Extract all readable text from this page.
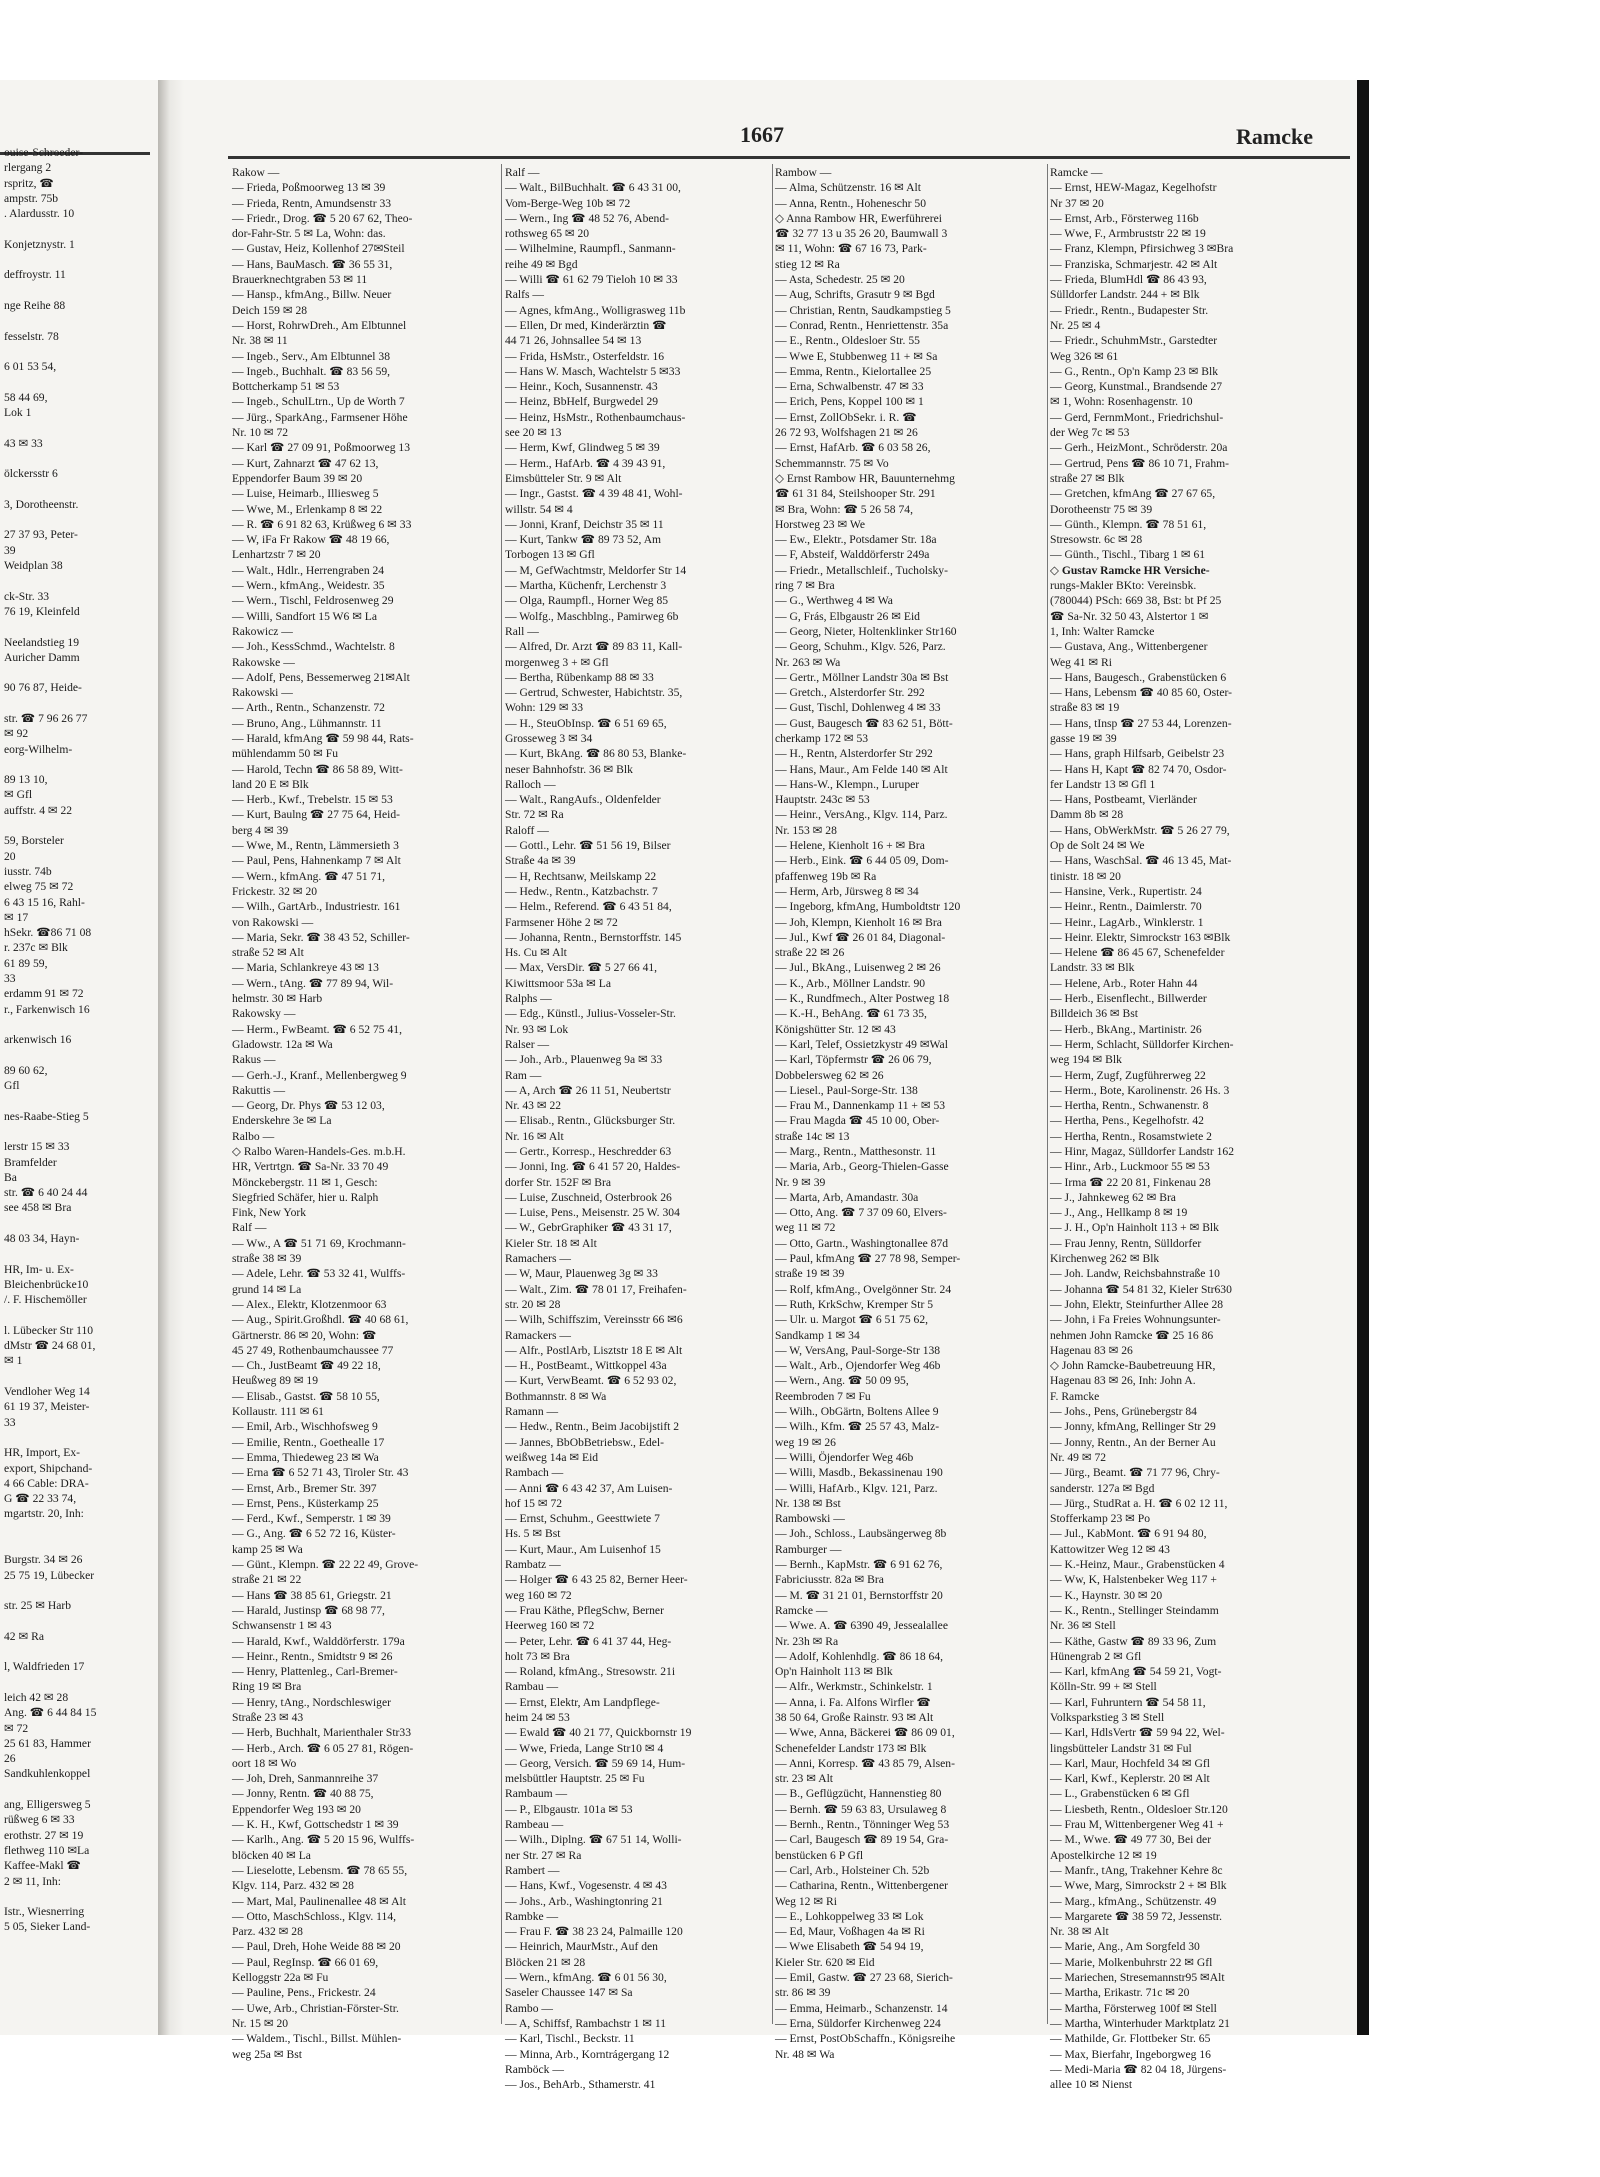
ouise-Schroeder-
rlergang 2
rspritz, ☎
ampstr. 75b
. Alardusstr. 10

Konjetznystr. 1

deffroystr. 11

nge Reihe 88

fesselstr. 78

6 01 53 54,

58 44 69,
Lok 1

43 ✉ 33

ölckersstr 6

3, Dorotheenstr.

27 37 93, Peter-
39
Weidplan 38

ck-Str. 33
76 19, Kleinfeld

Neelandstieg 19
Auricher Damm

90 76 87, Heide-

str. ☎ 7 96 26 77
✉ 92
eorg-Wilhelm-

89 13 10,
✉ Gfl
auffstr. 4 ✉ 22

59, Borsteler
20
iusstr. 74b
elweg 75 ✉ 72
6 43 15 16, Rahl-
✉ 17
hSekr. ☎86 71 08
r. 237c ✉ Blk
61 89 59,
33
erdamm 91 ✉ 72
r., Farkenwisch 16

arkenwisch 16

89 60 62,
Gfl

nes-Raabe-Stieg 5

lerstr 15 ✉ 33
Bramfelder
Ba
str. ☎ 6 40 24 44
see 458 ✉ Bra

48 03 34, Hayn-

HR, Im- u. Ex-
Bleichenbrücke10
/. F. Hischemöller

l. Lübecker Str 110
dMstr ☎ 24 68 01,
✉ 1

Vendloher Weg 14
61 19 37, Meister-
33

HR, Import, Ex-
export, Shipchand-
4 66 Cable: DRA-
G ☎ 22 33 74,
mgartstr. 20, Inh:

Burgstr. 34 ✉ 26
25 75 19, Lübecker

str. 25 ✉ Harb

42 ✉ Ra

l, Waldfrieden 17

leich 42 ✉ 28
Ang. ☎ 6 44 84 15
✉ 72
25 61 83, Hammer
26
Sandkuhlenkoppel

ang, Elligersweg 5
rüßweg 6 ✉ 33
erothstr. 27 ✉ 19
flethweg 110 ✉La
Kaffee-Makl ☎
2 ✉ 11, Inh:

Istr., Wiesnerring
5 05, Sieker Land-
1667	Ramcke
Rakow —
— Frieda, Poßmoorweg 13 ✉ 39
— Frieda, Rentn, Amundsenstr 33
— Friedr., Drog. ☎ 5 20 67 62, Theo-
dor-Fahr-Str. 5 ✉ La, Wohn: das.
— Gustav, Heiz, Kollenhof 27✉Steil
— Hans, BauMasch. ☎ 36 55 31,
Brauerknechtgraben 53 ✉ 11
— Hansp., kfmAng., Billw. Neuer
Deich 159 ✉ 28
— Horst, RohrwDreh., Am Elbtunnel
Nr. 38 ✉ 11
— Ingeb., Serv., Am Elbtunnel 38
— Ingeb., Buchhalt. ☎ 83 56 59,
Bottcherkamp 51 ✉ 53
— Ingeb., SchulLtrn., Up de Worth 7
— Jürg., SparkAng., Farmsener Höhe
Nr. 10 ✉ 72
— Karl ☎ 27 09 91, Poßmoorweg 13
— Kurt, Zahnarzt ☎ 47 62 13,
Eppendorfer Baum 39 ✉ 20
— Luise, Heimarb., Illiesweg 5
— Wwe, M., Erlenkamp 8 ✉ 22
— R. ☎ 6 91 82 63, Krüßweg 6 ✉ 33
— W, iFa Fr Rakow ☎ 48 19 66,
Lenhartzstr 7 ✉ 20
— Walt., Hdlr., Herrengraben 24
— Wern., kfmAng., Weidestr. 35
— Wern., Tischl, Feldrosenweg 29
— Willi, Sandfort 15 W6 ✉ La
Rakowicz —
— Joh., KessSchmd., Wachtelstr. 8
Rakowske —
— Adolf, Pens, Bessemerweg 21✉Alt
Rakowski —
— Arth., Rentn., Schanzenstr. 72
— Bruno, Ang., Lühmannstr. 11
— Harald, kfmAng ☎ 59 98 44, Rats-
mühlendamm 50 ✉ Fu
— Harold, Techn ☎ 86 58 89, Witt-
land 20 E ✉ Blk
— Herb., Kwf., Trebelstr. 15 ✉ 53
— Kurt, Baulng ☎ 27 75 64, Heid-
berg 4 ✉ 39
— Wwe, M., Rentn, Lämmersieth 3
— Paul, Pens, Hahnenkamp 7 ✉ Alt
— Wern., kfmAng. ☎ 47 51 71,
Frickestr. 32 ✉ 20
— Wilh., GartArb., Industriestr. 161
von Rakowski —
— Maria, Sekr. ☎ 38 43 52, Schiller-
straße 52 ✉ Alt
— Maria, Schlankreye 43 ✉ 13
— Wern., tAng. ☎ 77 89 94, Wil-
helmstr. 30 ✉ Harb
Rakowsky —
— Herm., FwBeamt. ☎ 6 52 75 41,
Gladowstr. 12a ✉ Wa
Rakus —
— Gerh.-J., Kranf., Mellenbergweg 9
Rakuttis —
— Georg, Dr. Phys ☎ 53 12 03,
Enderskehre 3e ✉ La
Ralbo —
◇ Ralbo Waren-Handels-Ges. m.b.H.
HR, Vertrtgn. ☎ Sa-Nr. 33 70 49
Mönckebergstr. 11 ✉ 1, Gesch:
Siegfried Schäfer, hier u. Ralph
Fink, New York
Ralf —
— Ww., A ☎ 51 71 69, Krochmann-
straße 38 ✉ 39
— Adele, Lehr. ☎ 53 32 41, Wulffs-
grund 14 ✉ La
— Alex., Elektr, Klotzenmoor 63
— Aug., Spirit.Großhdl. ☎ 40 68 61,
Gärtnerstr. 86 ✉ 20, Wohn: ☎
45 27 49, Rothenbaumchaussee 77
— Ch., JustBeamt ☎ 49 22 18,
Heußweg 89 ✉ 19
— Elisab., Gastst. ☎ 58 10 55,
Kollaustr. 111 ✉ 61
— Emil, Arb., Wischhofsweg 9
— Emilie, Rentn., Goethealle 17
— Emma, Thiedeweg 23 ✉ Wa
— Erna ☎ 6 52 71 43, Tiroler Str. 43
— Ernst, Arb., Bremer Str. 397
— Ernst, Pens., Küsterkamp 25
— Ferd., Kwf., Semperstr. 1 ✉ 39
— G., Ang. ☎ 6 52 72 16, Küster-
kamp 25 ✉ Wa
— Günt., Klempn. ☎ 22 22 49, Grove-
straße 21 ✉ 22
— Hans ☎ 38 85 61, Griegstr. 21
— Harald, Justinsp ☎ 68 98 77,
Schwansenstr 1 ✉ 43
— Harald, Kwf., Walddörferstr. 179a
— Heinr., Rentn., Smidtstr 9 ✉ 26
— Henry, Plattenleg., Carl-Bremer-
Ring 19 ✉ Bra
— Henry, tAng., Nordschleswiger
Straße 23 ✉ 43
— Herb, Buchhalt, Marienthaler Str33
— Herb., Arch. ☎ 6 05 27 81, Rögen-
oort 18 ✉ Wo
— Joh, Dreh, Sanmannreihe 37
— Jonny, Rentn. ☎ 40 88 75,
Eppendorfer Weg 193 ✉ 20
— K. H., Kwf, Gottschedstr 1 ✉ 39
— Karlh., Ang. ☎ 5 20 15 96, Wulffs-
blöcken 40 ✉ La
— Lieselotte, Lebensm. ☎ 78 65 55,
Klgv. 114, Parz. 432 ✉ 28
— Mart, Mal, Paulinenallee 48 ✉ Alt
— Otto, MaschSchloss., Klgv. 114,
Parz. 432 ✉ 28
— Paul, Dreh, Hohe Weide 88 ✉ 20
— Paul, RegInsp. ☎ 66 01 69,
Kelloggstr 22a ✉ Fu
— Pauline, Pens., Frickestr. 24
— Uwe, Arb., Christian-Förster-Str.
Nr. 15 ✉ 20
— Waldem., Tischl., Billst. Mühlen-
weg 25a ✉ Bst
Ralf —
— Walt., BilBuchhalt. ☎ 6 43 31 00,
Vom-Berge-Weg 10b ✉ 72
— Wern., Ing ☎ 48 52 76, Abend-
rothsweg 65 ✉ 20
— Wilhelmine, Raumpfl., Sanmann-
reihe 49 ✉ Bgd
— Willi ☎ 61 62 79 Tieloh 10 ✉ 33
Ralfs —
— Agnes, kfmAng., Wolligrasweg 11b
— Ellen, Dr med, Kinderärztin ☎
44 71 26, Johnsallee 54 ✉ 13
— Frida, HsMstr., Osterfeldstr. 16
— Hans W. Masch, Wachtelstr 5 ✉33
— Heinr., Koch, Susannenstr. 43
— Heinz, BbHelf, Burgwedel 29
— Heinz, HsMstr., Rothenbaumchaus-
see 20 ✉ 13
— Herm, Kwf, Glindweg 5 ✉ 39
— Herm., HafArb. ☎ 4 39 43 91,
Eimsbütteler Str. 9 ✉ Alt
— Ingr., Gastst. ☎ 4 39 48 41, Wohl-
willstr. 54 ✉ 4
— Jonni, Kranf, Deichstr 35 ✉ 11
— Kurt, Tankw ☎ 89 73 52, Am
Torbogen 13 ✉ Gfl
— M, GefWachtmstr, Meldorfer Str 14
— Martha, Küchenfr, Lerchenstr 3
— Olga, Raumpfl., Horner Weg 85
— Wolfg., Maschblng., Pamirweg 6b
Rall —
— Alfred, Dr. Arzt ☎ 89 83 11, Kall-
morgenweg 3 + ✉ Gfl
— Bertha, Rübenkamp 88 ✉ 33
— Gertrud, Schwester, Habichtstr. 35,
Wohn: 129 ✉ 33
— H., SteuObInsp. ☎ 6 51 69 65,
Grosseweg 3 ✉ 34
— Kurt, BkAng. ☎ 86 80 53, Blanke-
neser Bahnhofstr. 36 ✉ Blk
Ralloch —
— Walt., RangAufs., Oldenfelder
Str. 72 ✉ Ra
Raloff —
— Gottl., Lehr. ☎ 51 56 19, Bilser
Straße 4a ✉ 39
— H, Rechtsanw, Meilskamp 22
— Hedw., Rentn., Katzbachstr. 7
— Helm., Referend. ☎ 6 43 51 84,
Farmsener Höhe 2 ✉ 72
— Johanna, Rentn., Bernstorffstr. 145
Hs. Cu ✉ Alt
— Max, VersDir. ☎ 5 27 66 41,
Kiwittsmoor 53a ✉ La
Ralphs —
— Edg., Künstl., Julius-Vosseler-Str.
Nr. 93 ✉ Lok
Ralser —
— Joh., Arb., Plauenweg 9a ✉ 33
Ram —
— A, Arch ☎ 26 11 51, Neubertstr
Nr. 43 ✉ 22
— Elisab., Rentn., Glücksburger Str.
Nr. 16 ✉ Alt
— Gertr., Korresp., Heschredder 63
— Jonni, Ing. ☎ 6 41 57 20, Haldes-
dorfer Str. 152F ✉ Bra
— Luise, Zuschneid, Osterbrook 26
— Luise, Pens., Meisenstr. 25 W. 304
— W., GebrGraphiker ☎ 43 31 17,
Kieler Str. 18 ✉ Alt
Ramachers —
— W, Maur, Plauenweg 3g ✉ 33
— Walt., Zim. ☎ 78 01 17, Freihafen-
str. 20 ✉ 28
— Wilh, Schiffszim, Vereinsstr 66 ✉6
Ramackers —
— Alfr., PostlArb, Lisztstr 18 E ✉ Alt
— H., PostBeamt., Wittkoppel 43a
— Kurt, VerwBeamt. ☎ 6 52 93 02,
Bothmannstr. 8 ✉ Wa
Ramann —
— Hedw., Rentn., Beim Jacobijstift 2
— Jannes, BbObBetriebsw., Edel-
weißweg 14a ✉ Eid
Rambach —
— Anni ☎ 6 43 42 37, Am Luisen-
hof 15 ✉ 72
— Ernst, Schuhm., Geesttwiete 7
Hs. 5 ✉ Bst
— Kurt, Maur., Am Luisenhof 15
Rambatz —
— Holger ☎ 6 43 25 82, Berner Heer-
weg 160 ✉ 72
— Frau Käthe, PflegSchw, Berner
Heerweg 160 ✉ 72
— Peter, Lehr. ☎ 6 41 37 44, Heg-
holt 73 ✉ Bra
— Roland, kfmAng., Stresowstr. 21i
Rambau —
— Ernst, Elektr, Am Landpflege-
heim 24 ✉ 53
— Ewald ☎ 40 21 77, Quickbornstr 19
— Wwe, Frieda, Lange Str10 ✉ 4
— Georg, Versich. ☎ 59 69 14, Hum-
melsbüttler Hauptstr. 25 ✉ Fu
Rambaum —
— P., Elbgaustr. 101a ✉ 53
Rambeau —
— Wilh., Diplng. ☎ 67 51 14, Wolli-
ner Str. 27 ✉ Ra
Rambert —
— Hans, Kwf., Vogesenstr. 4 ✉ 43
— Johs., Arb., Washingtonring 21
Rambke —
— Frau F. ☎ 38 23 24, Palmaille 120
— Heinrich, MaurMstr., Auf den
Blöcken 21 ✉ 28
— Wern., kfmAng. ☎ 6 01 56 30,
Saseler Chaussee 147 ✉ Sa
Rambo —
— A, Schiffsf, Rambachstr 1 ✉ 11
— Karl, Tischl., Beckstr. 11
— Minna, Arb., Korntrágergang 12
Ramböck —
— Jos., BehArb., Sthamerstr. 41
Rambow —
— Alma, Schützenstr. 16 ✉ Alt
— Anna, Rentn., Hoheneschr 50
◇ Anna Rambow HR, Ewerführerei
☎ 32 77 13 u 35 26 20, Baumwall 3
✉ 11, Wohn: ☎ 67 16 73, Park-
stieg 12 ✉ Ra
— Asta, Schedestr. 25 ✉ 20
— Aug, Schrifts, Grasutr 9 ✉ Bgd
— Christian, Rentn, Saudkampstieg 5
— Conrad, Rentn., Henriettenstr. 35a
— E., Rentn., Oldesloer Str. 55
— Wwe E, Stubbenweg 11 + ✉ Sa
— Emma, Rentn., Kielortallee 25
— Erna, Schwalbenstr. 47 ✉ 33
— Erich, Pens, Koppel 100 ✉ 1
— Ernst, ZollObSekr. i. R. ☎
26 72 93, Wolfshagen 21 ✉ 26
— Ernst, HafArb. ☎ 6 03 58 26,
Schemmannstr. 75 ✉ Vo
◇ Ernst Rambow HR, Bauunternehmg
☎ 61 31 84, Steilshooper Str. 291
✉ Bra, Wohn: ☎ 5 26 58 74,
Horstweg 23 ✉ We
— Ew., Elektr., Potsdamer Str. 18a
— F, Absteif, Walddörferstr 249a
— Friedr., Metallschleif., Tucholsky-
ring 7 ✉ Bra
— G., Werthweg 4 ✉ Wa
— G, Frás, Elbgaustr 26 ✉ Eid
— Georg, Nieter, Holtenklinker Str160
— Georg, Schuhm., Klgv. 526, Parz.
Nr. 263 ✉ Wa
— Gertr., Möllner Landstr 30a ✉ Bst
— Gretch., Alsterdorfer Str. 292
— Gust, Tischl, Dohlenweg 4 ✉ 33
— Gust, Baugesch ☎ 83 62 51, Bött-
cherkamp 172 ✉ 53
— H., Rentn, Alsterdorfer Str 292
— Hans, Maur., Am Felde 140 ✉ Alt
— Hans-W., Klempn., Luruper
Hauptstr. 243c ✉ 53
— Heinr., VersAng., Klgv. 114, Parz.
Nr. 153 ✉ 28
— Helene, Kienholt 16 + ✉ Bra
— Herb., Eink. ☎ 6 44 05 09, Dom-
pfaffenweg 19b ✉ Ra
— Herm, Arb, Jürsweg 8 ✉ 34
— Ingeborg, kfmAng, Humboldtstr 120
— Joh, Klempn, Kienholt 16 ✉ Bra
— Jul., Kwf ☎ 26 01 84, Diagonal-
straße 22 ✉ 26
— Jul., BkAng., Luisenweg 2 ✉ 26
— K., Arb., Möllner Landstr. 90
— K., Rundfmech., Alter Postweg 18
— K.-H., BehAng. ☎ 61 73 35,
Königshütter Str. 12 ✉ 43
— Karl, Telef, Ossietzkystr 49 ✉Wal
— Karl, Töpfermstr ☎ 26 06 79,
Dobbelersweg 62 ✉ 26
— Liesel., Paul-Sorge-Str. 138
— Frau M., Dannenkamp 11 + ✉ 53
— Frau Magda ☎ 45 10 00, Ober-
straße 14c ✉ 13
— Marg., Rentn., Matthesonstr. 11
— Maria, Arb., Georg-Thielen-Gasse
Nr. 9 ✉ 39
— Marta, Arb, Amandastr. 30a
— Otto, Ang. ☎ 7 37 09 60, Elvers-
weg 11 ✉ 72
— Otto, Gartn., Washingtonallee 87d
— Paul, kfmAng ☎ 27 78 98, Semper-
straße 19 ✉ 39
— Rolf, kfmAng., Ovelgönner Str. 24
— Ruth, KrkSchw, Kremper Str 5
— Ulr. u. Margot ☎ 6 51 75 62,
Sandkamp 1 ✉ 34
— W, VersAng, Paul-Sorge-Str 138
— Walt., Arb., Ojendorfer Weg 46b
— Wern., Ang. ☎ 50 09 95,
Reembroden 7 ✉ Fu
— Wilh., ObGärtn, Boltens Allee 9
— Wilh., Kfm. ☎ 25 57 43, Malz-
weg 19 ✉ 26
— Willi, Öjendorfer Weg 46b
— Willi, Masdb., Bekassinenau 190
— Willi, HafArb., Klgv. 121, Parz.
Nr. 138 ✉ Bst
Rambowski —
— Joh., Schloss., Laubsängerweg 8b
Ramburger —
— Bernh., KapMstr. ☎ 6 91 62 76,
Fabriciusstr. 82a ✉ Bra
— M. ☎ 31 21 01, Bernstorffstr 20
Ramcke —
— Wwe. A. ☎ 6390 49, Jessealallee
Nr. 23h ✉ Ra
— Adolf, Kohlenhdlg. ☎ 86 18 64,
Op'n Hainholt 113 ✉ Blk
— Alfr., Werkmstr., Schinkelstr. 1
— Anna, i. Fa. Alfons Wirfler ☎
38 50 64, Große Rainstr. 93 ✉ Alt
— Wwe, Anna, Bäckerei ☎ 86 09 01,
Schenefelder Landstr 173 ✉ Blk
— Anni, Korresp. ☎ 43 85 79, Alsen-
str. 23 ✉ Alt
— B., Geflügzücht, Hannenstieg 80
— Bernh. ☎ 59 63 83, Ursulaweg 8
— Bernh., Rentn., Tönninger Weg 53
— Carl, Baugesch ☎ 89 19 54, Gra-
benstücken 6 P Gfl
— Carl, Arb., Holsteiner Ch. 52b
— Catharina, Rentn., Wittenbergener
Weg 12 ✉ Ri
— E., Lohkoppelweg 33 ✉ Lok
— Ed, Maur, Voßhagen 4a ✉ Ri
— Wwe Elisabeth ☎ 54 94 19,
Kieler Str. 620 ✉ Eid
— Emil, Gastw. ☎ 27 23 68, Sierich-
str. 86 ✉ 39
— Emma, Heimarb., Schanzenstr. 14
— Erna, Süldorfer Kirchenweg 224
— Ernst, PostObSchaffn., Königsreihe
Nr. 48 ✉ Wa
Ramcke —
— Ernst, HEW-Magaz, Kegelhofstr
Nr 37 ✉ 20
— Ernst, Arb., Försterweg 116b
— Wwe, F., Armbruststr 22 ✉ 19
— Franz, Klempn, Pfirsichweg 3 ✉Bra
— Franziska, Schmarjestr. 42 ✉ Alt
— Frieda, BlumHdl ☎ 86 43 93,
Sülldorfer Landstr. 244 + ✉ Blk
— Friedr., Rentn., Budapester Str.
Nr. 25 ✉ 4
— Friedr., SchuhmMstr., Garstedter
Weg 326 ✉ 61
— G., Rentn., Op'n Kamp 23 ✉ Blk
— Georg, Kunstmal., Brandsende 27
✉ 1, Wohn: Rosenhagenstr. 10
— Gerd, FernmMont., Friedrichshul-
der Weg 7c ✉ 53
— Gerh., HeizMont., Schröderstr. 20a
— Gertrud, Pens ☎ 86 10 71, Frahm-
straße 27 ✉ Blk
— Gretchen, kfmAng ☎ 27 67 65,
Dorotheenstr 75 ✉ 39
— Günth., Klempn. ☎ 78 51 61,
Stresowstr. 6c ✉ 28
— Günth., Tischl., Tibarg 1 ✉ 61
◇ Gustav Ramcke HR Versiche-
rungs-Makler BKto: Vereinsbk.
(780044) PSch: 669 38, Bst: bt Pf 25
☎ Sa-Nr. 32 50 43, Alstertor 1 ✉
1, Inh: Walter Ramcke
— Gustava, Ang., Wittenbergener
Weg 41 ✉ Ri
— Hans, Baugesch., Grabenstücken 6
— Hans, Lebensm ☎ 40 85 60, Oster-
straße 83 ✉ 19
— Hans, tInsp ☎ 27 53 44, Lorenzen-
gasse 19 ✉ 39
— Hans, graph Hilfsarb, Geibelstr 23
— Hans H, Kapt ☎ 82 74 70, Osdor-
fer Landstr 13 ✉ Gfl 1
— Hans, Postbeamt, Vierländer
Damm 8b ✉ 28
— Hans, ObWerkMstr. ☎ 5 26 27 79,
Op de Solt 24 ✉ We
— Hans, WaschSal. ☎ 46 13 45, Mat-
tinistr. 18 ✉ 20
— Hansine, Verk., Rupertistr. 24
— Heinr., Rentn., Daimlerstr. 70
— Heinr., LagArb., Winklerstr. 1
— Heinr. Elektr, Simrockstr 163 ✉Blk
— Helene ☎ 86 45 67, Schenefelder
Landstr. 33 ✉ Blk
— Helene, Arb., Roter Hahn 44
— Herb., Eisenflecht., Billwerder
Billdeich 36 ✉ Bst
— Herb., BkAng., Martinistr. 26
— Herm, Schlacht, Sülldorfer Kirchen-
weg 194 ✉ Blk
— Herm, Zugf, Zugführerweg 22
— Herm., Bote, Karolinenstr. 26 Hs. 3
— Hertha, Rentn., Schwanenstr. 8
— Hertha, Pens., Kegelhofstr. 42
— Hertha, Rentn., Rosamstwiete 2
— Hinr, Magaz, Sülldorfer Landstr 162
— Hinr., Arb., Luckmoor 55 ✉ 53
— Irma ☎ 22 20 81, Finkenau 28
— J., Jahnkeweg 62 ✉ Bra
— J., Ang., Hellkamp 8 ✉ 19
— J. H., Op'n Hainholt 113 + ✉ Blk
— Frau Jenny, Rentn, Sülldorfer
Kirchenweg 262 ✉ Blk
— Joh. Landw, Reichsbahnstraße 10
— Johanna ☎ 54 81 32, Kieler Str630
— John, Elektr, Steinfurther Allee 28
— John, i Fa Freies Wohnungsunter-
nehmen John Ramcke ☎ 25 16 86
Hagenau 83 ✉ 26
◇ John Ramcke-Baubetreuung HR,
Hagenau 83 ✉ 26, Inh: John A.
F. Ramcke
— Johs., Pens, Grünebergstr 84
— Jonny, kfmAng, Rellinger Str 29
— Jonny, Rentn., An der Berner Au
Nr. 49 ✉ 72
— Jürg., Beamt. ☎ 71 77 96, Chry-
sanderstr. 127a ✉ Bgd
— Jürg., StudRat a. H. ☎ 6 02 12 11,
Stofferkamp 23 ✉ Po
— Jul., KabMont. ☎ 6 91 94 80,
Kattowitzer Weg 12 ✉ 43
— K.-Heinz, Maur., Grabenstücken 4
— Ww, K, Halstenbeker Weg 117 +
— K., Haynstr. 30 ✉ 20
— K., Rentn., Stellinger Steindamm
Nr. 36 ✉ Stell
— Käthe, Gastw ☎ 89 33 96, Zum
Hünengrab 2 ✉ Gfl
— Karl, kfmAng ☎ 54 59 21, Vogt-
Kölln-Str. 99 + ✉ Stell
— Karl, Fuhruntern ☎ 54 58 11,
Volksparkstieg 3 ✉ Stell
— Karl, HdlsVertr ☎ 59 94 22, Wel-
lingsbütteler Landstr 31 ✉ Ful
— Karl, Maur, Hochfeld 34 ✉ Gfl
— Karl, Kwf., Keplerstr. 20 ✉ Alt
— L., Grabenstücken 6 ✉ Gfl
— Liesbeth, Rentn., Oldesloer Str.120
— Frau M, Wittenbergener Weg 41 +
— M., Wwe. ☎ 49 77 30, Bei der
Apostelkirche 12 ✉ 19
— Manfr., tAng, Trakehner Kehre 8c
— Wwe, Marg, Simrockstr 2 + ✉ Blk
— Marg., kfmAng., Schützenstr. 49
— Margarete ☎ 38 59 72, Jessenstr.
Nr. 38 ✉ Alt
— Marie, Ang., Am Sorgfeld 30
— Marie, Molkenbuhrstr 22 ✉ Gfl
— Mariechen, Stresemannstr95 ✉Alt
— Martha, Erikastr. 71c ✉ 20
— Martha, Försterweg 100f ✉ Stell
— Martha, Winterhuder Marktplatz 21
— Mathilde, Gr. Flottbeker Str. 65
— Max, Bierfahr, Ingeborgweg 16
— Medi-Maria ☎ 82 04 18, Jürgens-
allee 10 ✉ Nienst
